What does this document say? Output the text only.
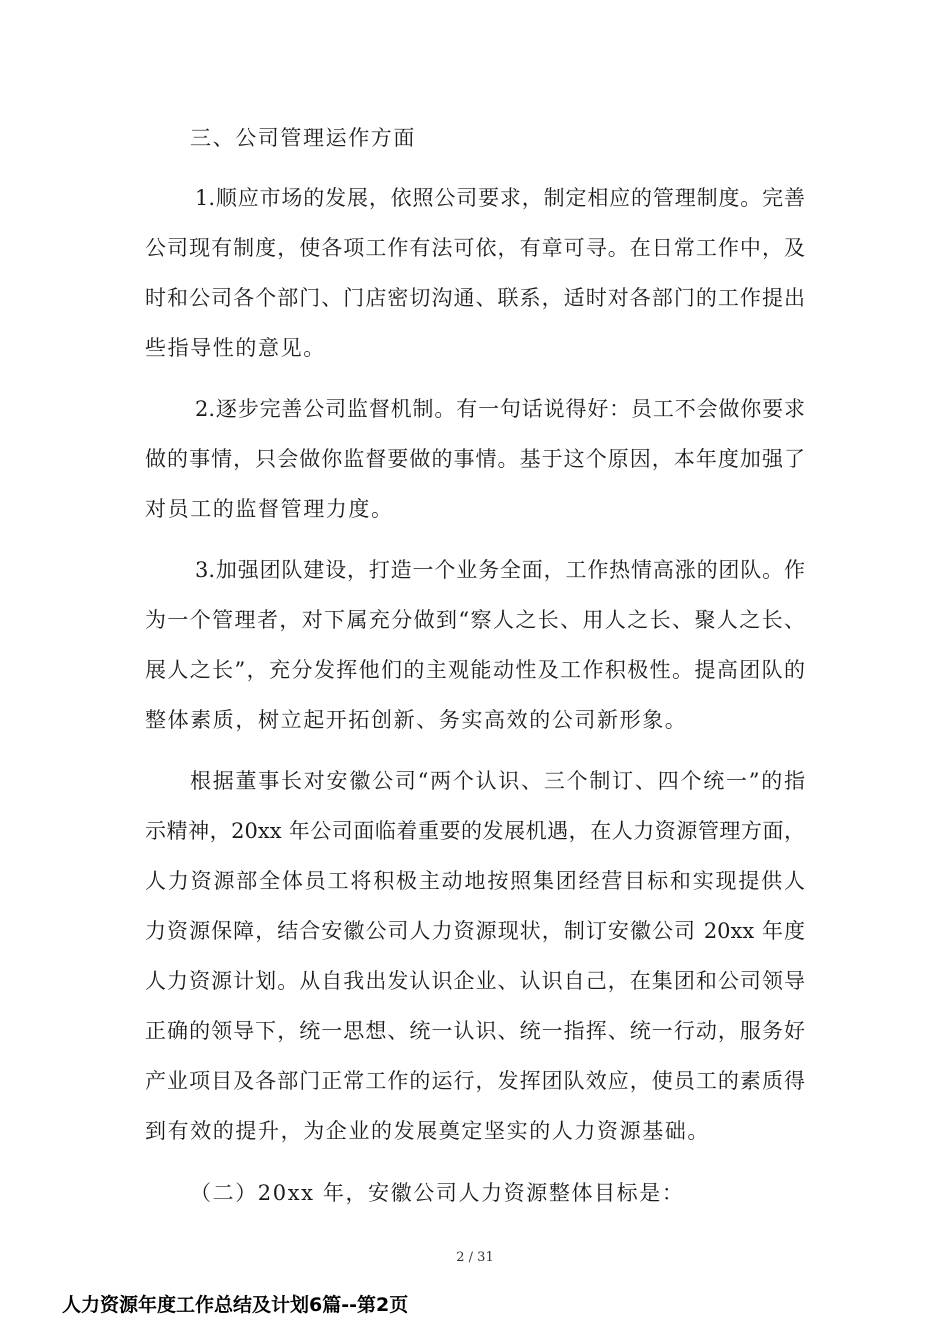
三、公司管理运作方面
1.顺应市场的发展，依照公司要求，制定相应的管理制度。完善
公司现有制度，使各项工作有法可依，有章可寻。在日常工作中，及
时和公司各个部门、门店密切沟通、联系，适时对各部门的工作提出
些指导性的意见。
2.逐步完善公司监督机制。有一句话说得好：员工不会做你要求
做的事情，只会做你监督要做的事情。基于这个原因，本年度加强了
对员工的监督管理力度。
3.加强团队建设，打造一个业务全面，工作热情高涨的团队。作
为一个管理者，对下属充分做到“察人之长、用人之长、聚人之长、
展人之长”，充分发挥他们的主观能动性及工作积极性。提高团队的
整体素质，树立起开拓创新、务实高效的公司新形象。
根据董事长对安徽公司“两个认识、三个制订、四个统一”的指
示精神，20xx 年公司面临着重要的发展机遇，在人力资源管理方面，
人力资源部全体员工将积极主动地按照集团经营目标和实现提供人
力资源保障，结合安徽公司人力资源现状，制订安徽公司 20xx 年度
人力资源计划。从自我出发认识企业、认识自己，在集团和公司领导
正确的领导下，统一思想、统一认识、统一指挥、统一行动，服务好
产业项目及各部门正常工作的运行，发挥团队效应，使员工的素质得
到有效的提升，为企业的发展奠定坚实的人力资源基础。
（二）20xx 年，安徽公司人力资源整体目标是：
2 / 31
人力资源年度工作总结及计划6篇--第2页
